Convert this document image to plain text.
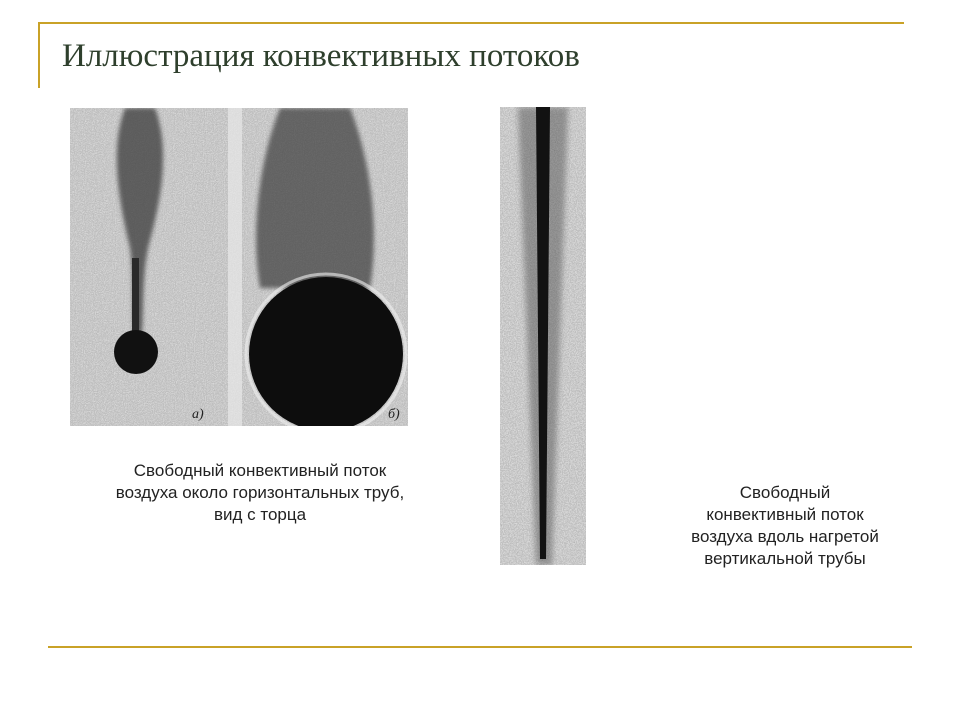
Иллюстрация конвективных потоков
а)	б)
Свободный конвективный поток
воздуха около горизонтальных труб,
вид с торца
Свободный
конвективный поток
воздуха вдоль нагретой
вертикальной трубы
